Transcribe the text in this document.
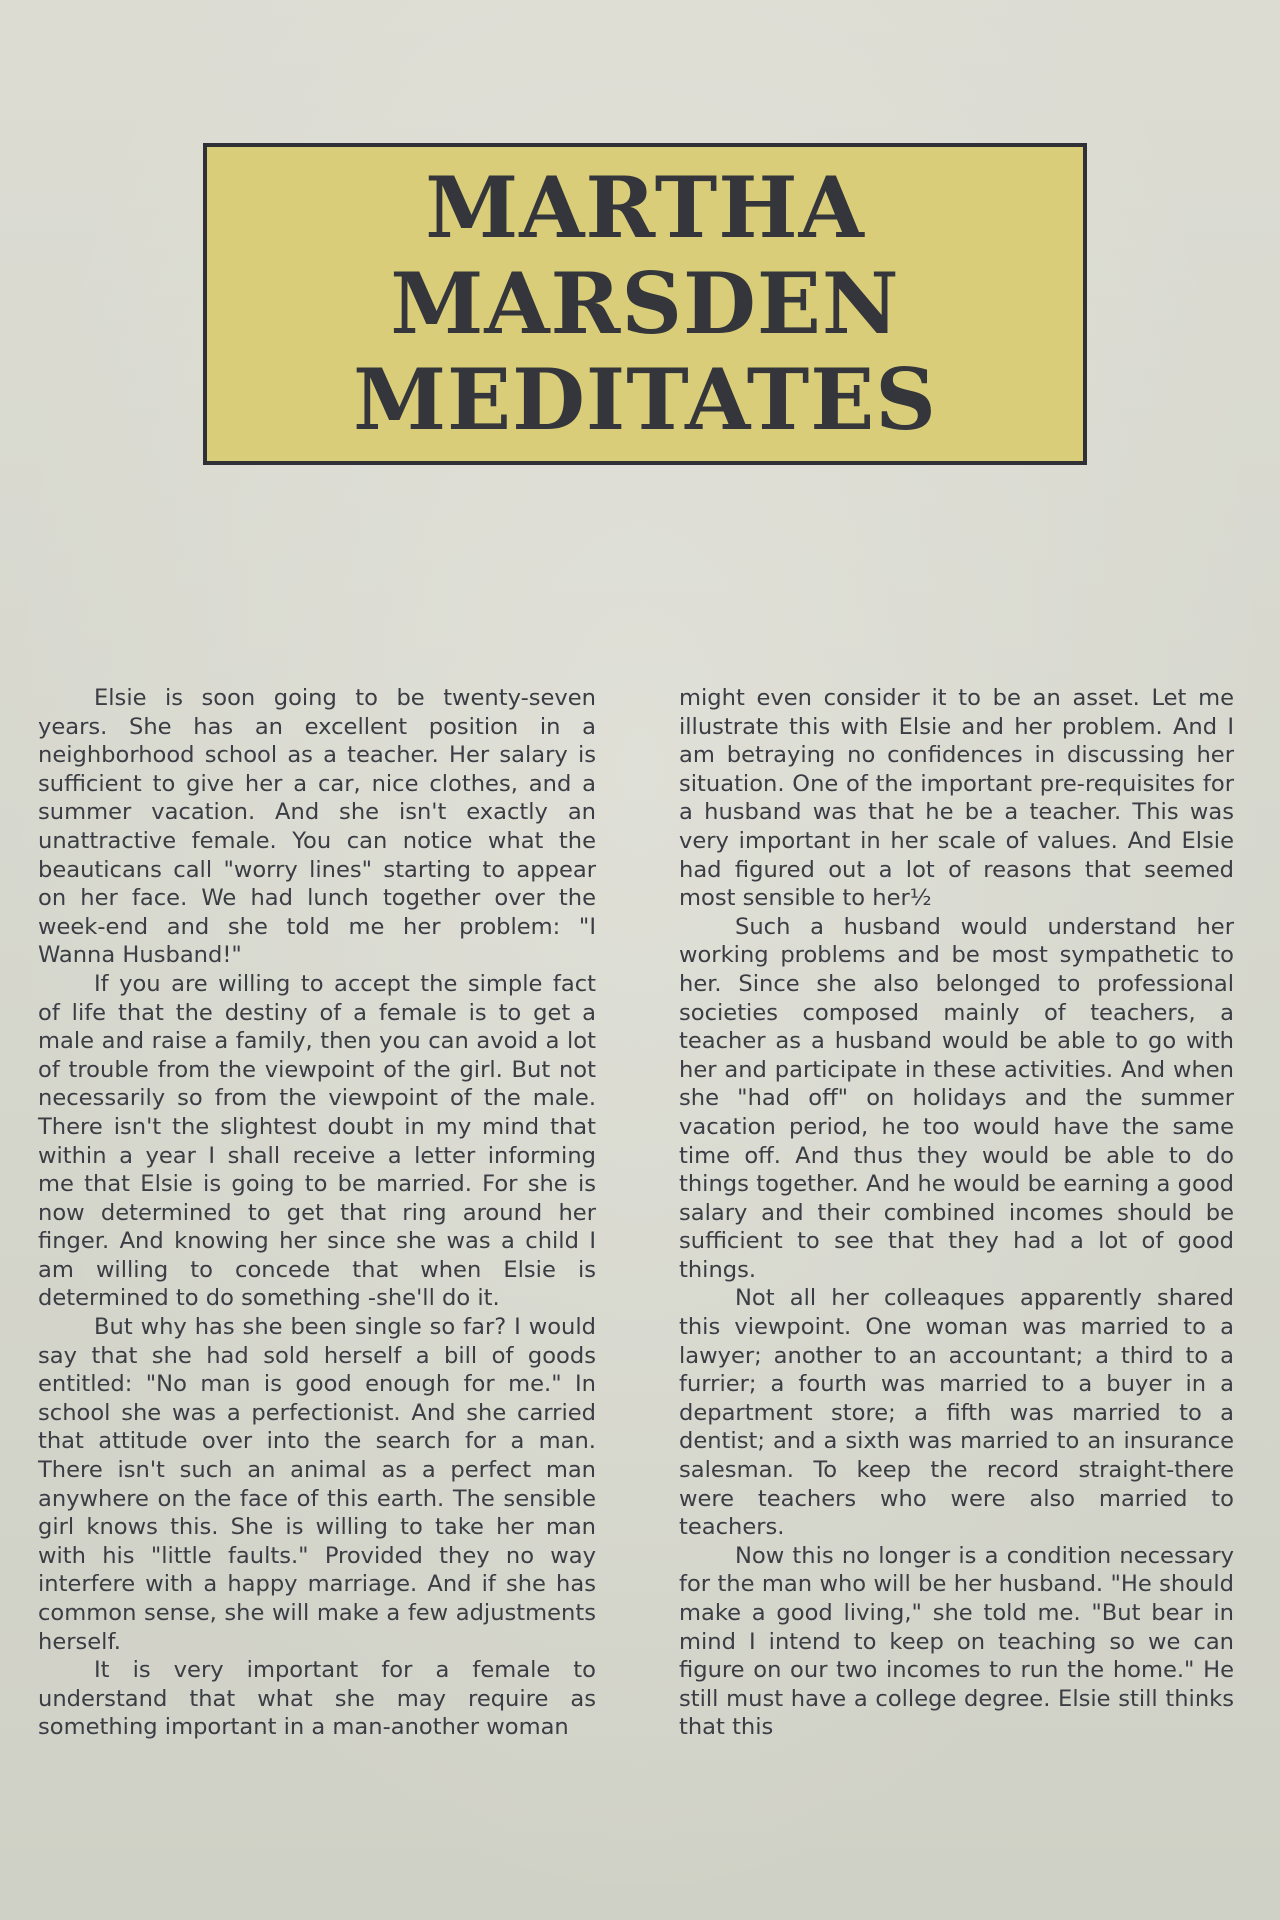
MARTHA
MARSDEN
MEDITATES

Elsie is soon going to be twenty-seven years. She has an excellent position in a neighborhood school as a teacher. Her salary is sufficient to give her a car, nice clothes, and a summer vacation. And she isn't exactly an unattractive female. You can notice what the beauticans call "worry lines" starting to appear on her face. We had lunch together over the week-end and she told me her problem: "I Wanna Husband!"

If you are willing to accept the simple fact of life that the destiny of a female is to get a male and raise a family, then you can avoid a lot of trouble from the viewpoint of the girl. But not necessarily so from the viewpoint of the male. There isn't the slightest doubt in my mind that within a year I shall receive a letter informing me that Elsie is going to be married. For she is now determined to get that ring around her finger. And knowing her since she was a child I am willing to concede that when Elsie is determined to do something -she'll do it.

But why has she been single so far? I would say that she had sold herself a bill of goods entitled: "No man is good enough for me." In school she was a perfectionist. And she carried that attitude over into the search for a man. There isn't such an animal as a perfect man anywhere on the face of this earth. The sensible girl knows this. She is willing to take her man with his "little faults." Provided they no way interfere with a happy marriage. And if she has common sense, she will make a few adjustments herself.

It is very important for a female to understand that what she may require as something important in a man-another woman

might even consider it to be an asset. Let me illustrate this with Elsie and her problem. And I am betraying no confidences in discussing her situation. One of the important pre-requisites for a husband was that he be a teacher. This was very important in her scale of values. And Elsie had figured out a lot of reasons that seemed most sensible to her½

Such a husband would understand her working problems and be most sympathetic to her. Since she also belonged to professional societies composed mainly of teachers, a teacher as a husband would be able to go with her and participate in these activities. And when she "had off" on holidays and the summer vacation period, he too would have the same time off. And thus they would be able to do things together. And he would be earning a good salary and their combined incomes should be sufficient to see that they had a lot of good things.

Not all her colleaques apparently shared this viewpoint. One woman was married to a lawyer; another to an accountant; a third to a furrier; a fourth was married to a buyer in a department store; a fifth was married to a dentist; and a sixth was married to an insurance salesman. To keep the record straight-there were teachers who were also married to teachers.

Now this no longer is a condition necessary for the man who will be her husband. "He should make a good living," she told me. "But bear in mind I intend to keep on teaching so we can figure on our two incomes to run the home." He still must have a college degree. Elsie still thinks that this
